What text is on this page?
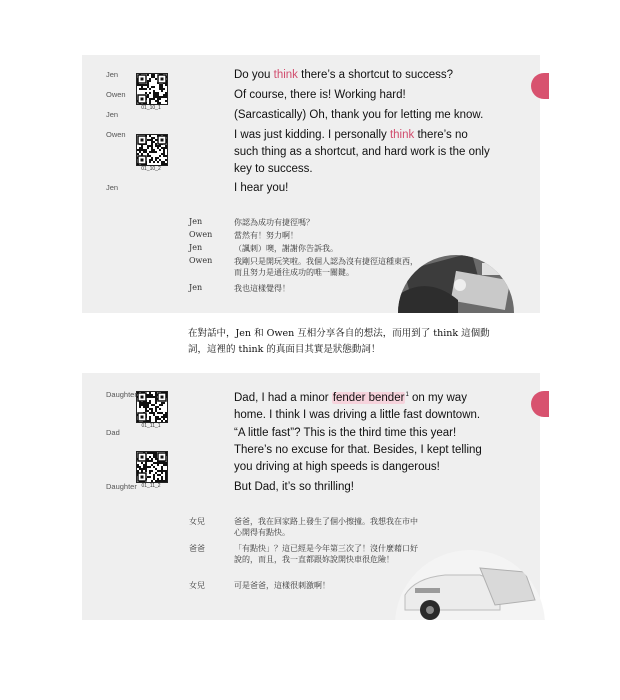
01_10_1
01_10_2
在對話中，Jen 和 Owen 互相分享各自的想法，而用到了 think 這個動詞，這裡的 think 的真面目其實是狀態動詞！
01_11_1
01_11_2
Jen	Do you think there’s a shortcut to success?
Owen	Of course, there is! Working hard!
Jen	(Sarcastically) Oh, thank you for letting me know.
Owen	I was just kidding. I personally think there’s no such thing as a shortcut, and hard work is the only key to success.
Jen	I hear you!
Jen	你認為成功有捷徑嗎？
Owen	當然有！努力啊！
Jen	（諷刺）噢，謝謝你告訴我。
Owen	我剛只是開玩笑啦。我個人認為沒有捷徑這種東西，而且努力是通往成功的唯一關鍵。
Jen	我也這樣覺得！
Daughter	Dad, I had a minor fender bender$^1$ on my way home. I think I was driving a little fast downtown.
Dad	“A little fast”? This is the third time this year! There’s no excuse for that. Besides, I kept telling you driving at high speeds is dangerous!
Daughter	But Dad, it’s so thrilling!
女兒	爸爸，我在回家路上發生了個小擦撞。我想我在市中心開得有點快。
爸爸	「有點快」？這已經是今年第三次了！沒什麼藉口好說的，而且，我一直都跟妳說開快車很危險！
女兒	可是爸爸，這樣很刺激啊！
